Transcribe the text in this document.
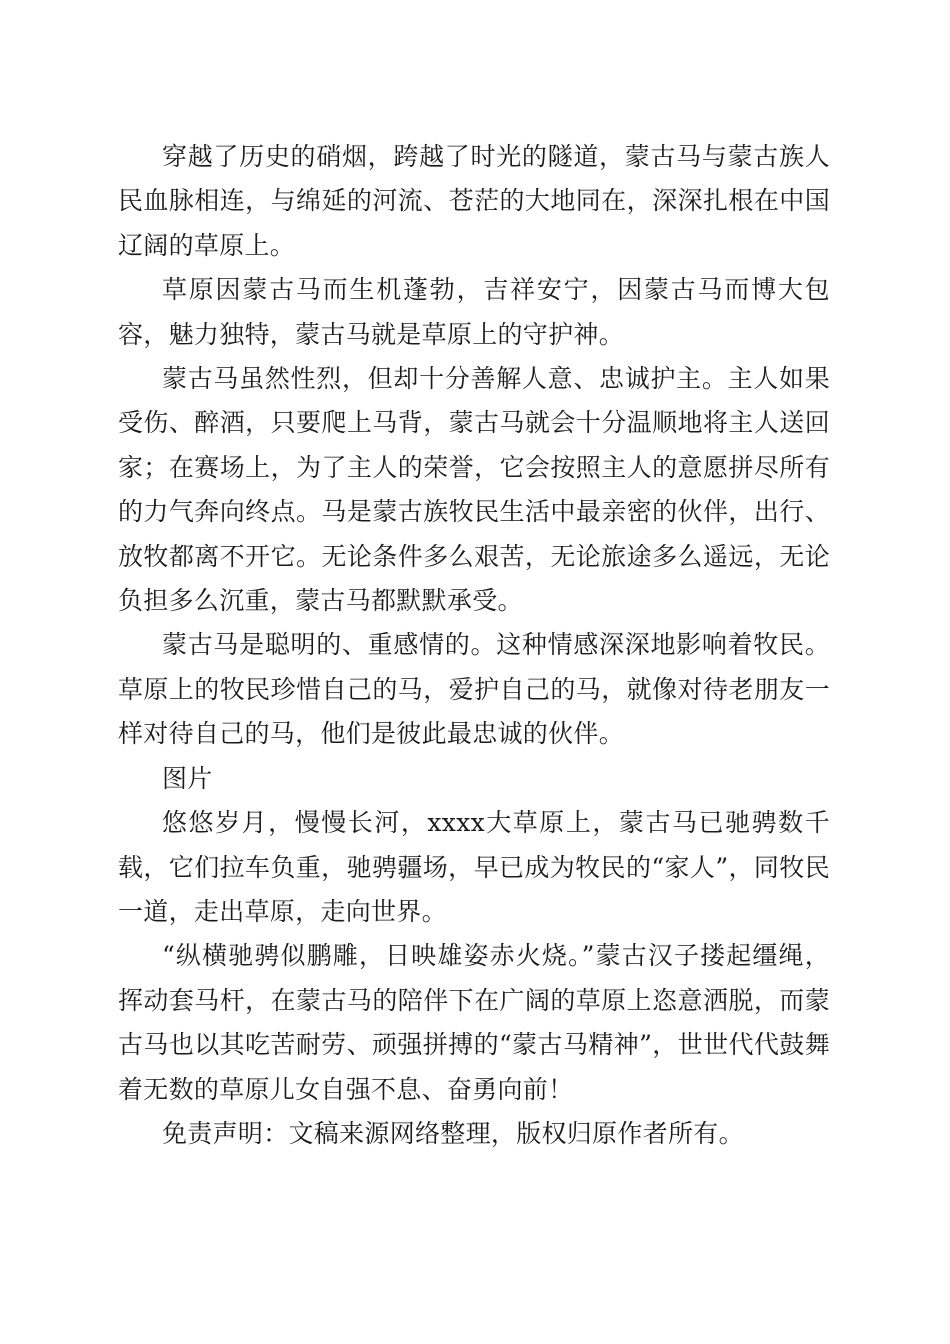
穿越了历史的硝烟，跨越了时光的隧道，蒙古马与蒙古族人民血脉相连，与绵延的河流、苍茫的大地同在，深深扎根在中国辽阔的草原上。

草原因蒙古马而生机蓬勃，吉祥安宁，因蒙古马而博大包容，魅力独特，蒙古马就是草原上的守护神。

蒙古马虽然性烈，但却十分善解人意、忠诚护主。主人如果受伤、醉酒，只要爬上马背，蒙古马就会十分温顺地将主人送回家；在赛场上，为了主人的荣誉，它会按照主人的意愿拼尽所有的力气奔向终点。马是蒙古族牧民生活中最亲密的伙伴，出行、放牧都离不开它。无论条件多么艰苦，无论旅途多么遥远，无论负担多么沉重，蒙古马都默默承受。

蒙古马是聪明的、重感情的。这种情感深深地影响着牧民。草原上的牧民珍惜自己的马，爱护自己的马，就像对待老朋友一样对待自己的马，他们是彼此最忠诚的伙伴。

图片

悠悠岁月，慢慢长河，xxxx大草原上，蒙古马已驰骋数千载，它们拉车负重，驰骋疆场，早已成为牧民的“家人”，同牧民一道，走出草原，走向世界。

“纵横驰骋似鹏雕，日映雄姿赤火烧。”蒙古汉子搂起缰绳，挥动套马杆，在蒙古马的陪伴下在广阔的草原上恣意洒脱，而蒙古马也以其吃苦耐劳、顽强拼搏的“蒙古马精神”，世世代代鼓舞着无数的草原儿女自强不息、奋勇向前！

免责声明：文稿来源网络整理，版权归原作者所有。
